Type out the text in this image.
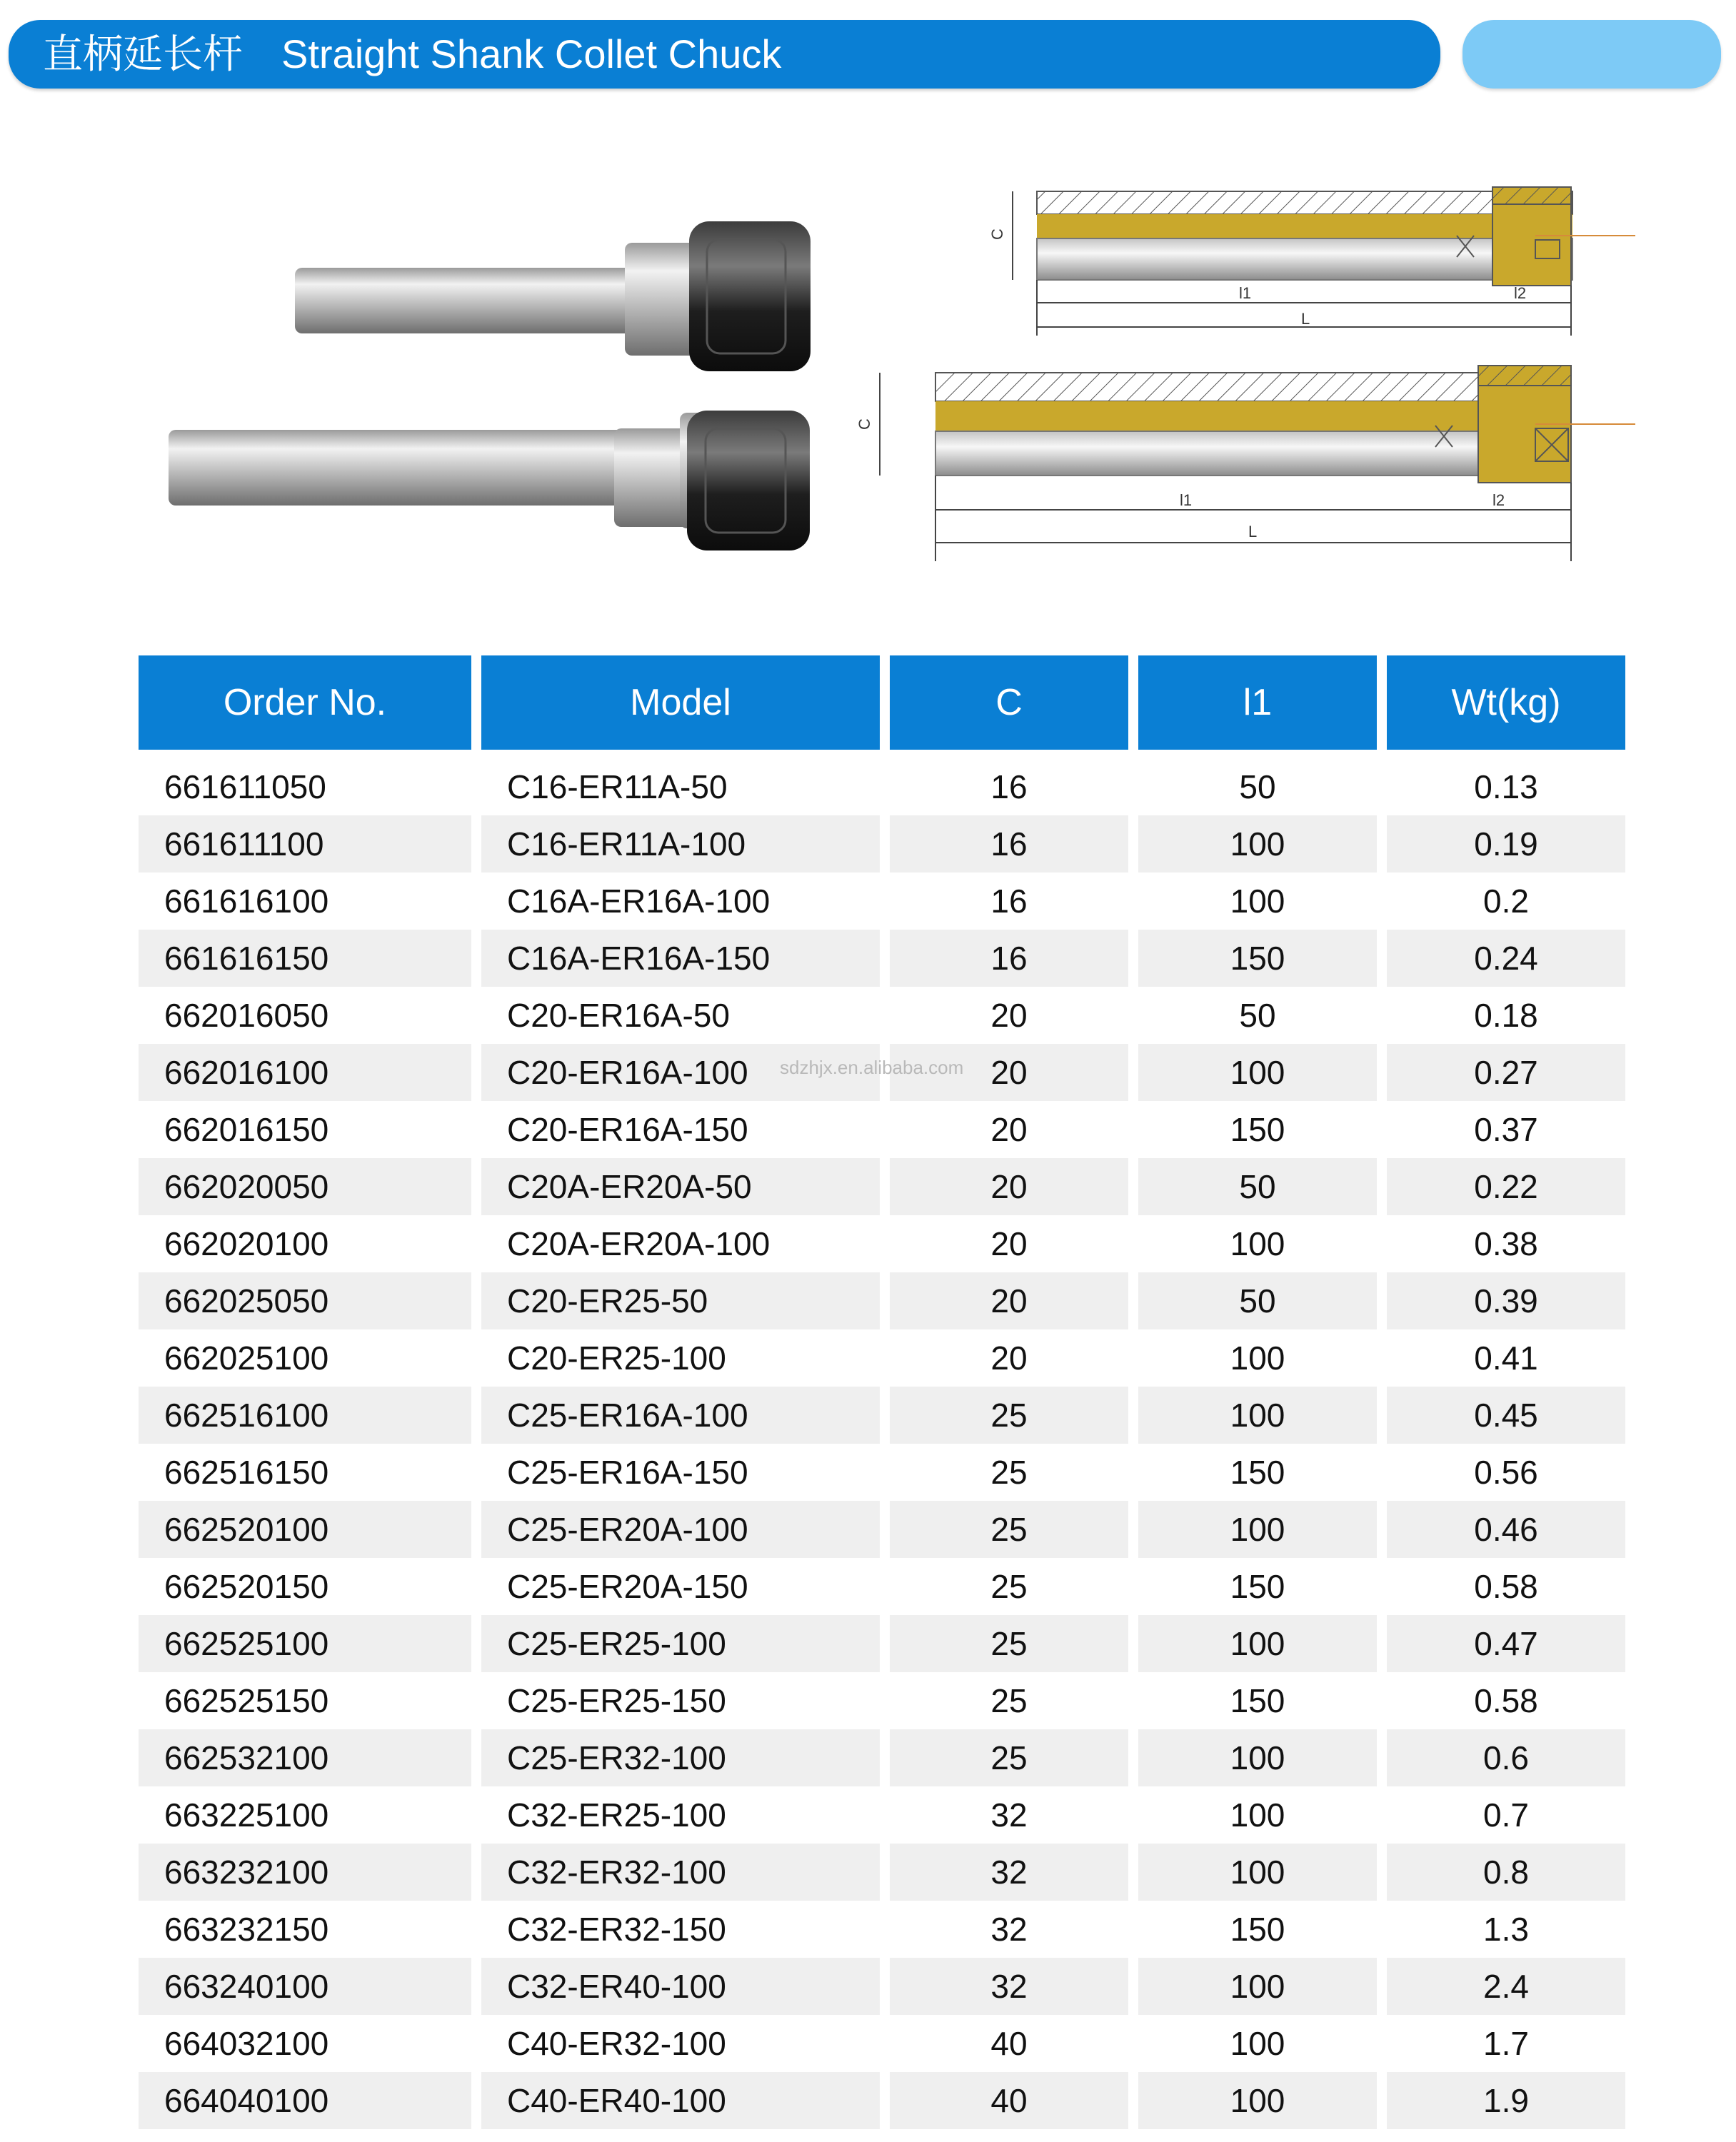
直柄延长杆 Straight Shank Collet Chuck
C
l1	l2
L
C
l1	l2
L
Order No.	Model	C	l1	Wt(kg)
661611050	C16-ER11A-50	16	50	0.13
661611100	C16-ER11A-100	16	100	0.19
661616100	C16A-ER16A-100	16	100	0.2
661616150	C16A-ER16A-150	16	150	0.24
662016050	C20-ER16A-50	20	50	0.18
662016100	C20-ER16A-100	20	100	0.27
662016150	C20-ER16A-150	20	150	0.37
662020050	C20A-ER20A-50	20	50	0.22
662020100	C20A-ER20A-100	20	100	0.38
662025050	C20-ER25-50	20	50	0.39
662025100	C20-ER25-100	20	100	0.41
662516100	C25-ER16A-100	25	100	0.45
662516150	C25-ER16A-150	25	150	0.56
662520100	C25-ER20A-100	25	100	0.46
662520150	C25-ER20A-150	25	150	0.58
662525100	C25-ER25-100	25	100	0.47
662525150	C25-ER25-150	25	150	0.58
662532100	C25-ER32-100	25	100	0.6
663225100	C32-ER25-100	32	100	0.7
663232100	C32-ER32-100	32	100	0.8
663232150	C32-ER32-150	32	150	1.3
663240100	C32-ER40-100	32	100	2.4
664032100	C40-ER32-100	40	100	1.7
664040100	C40-ER40-100	40	100	1.9
sdzhjx.en.alibaba.com
